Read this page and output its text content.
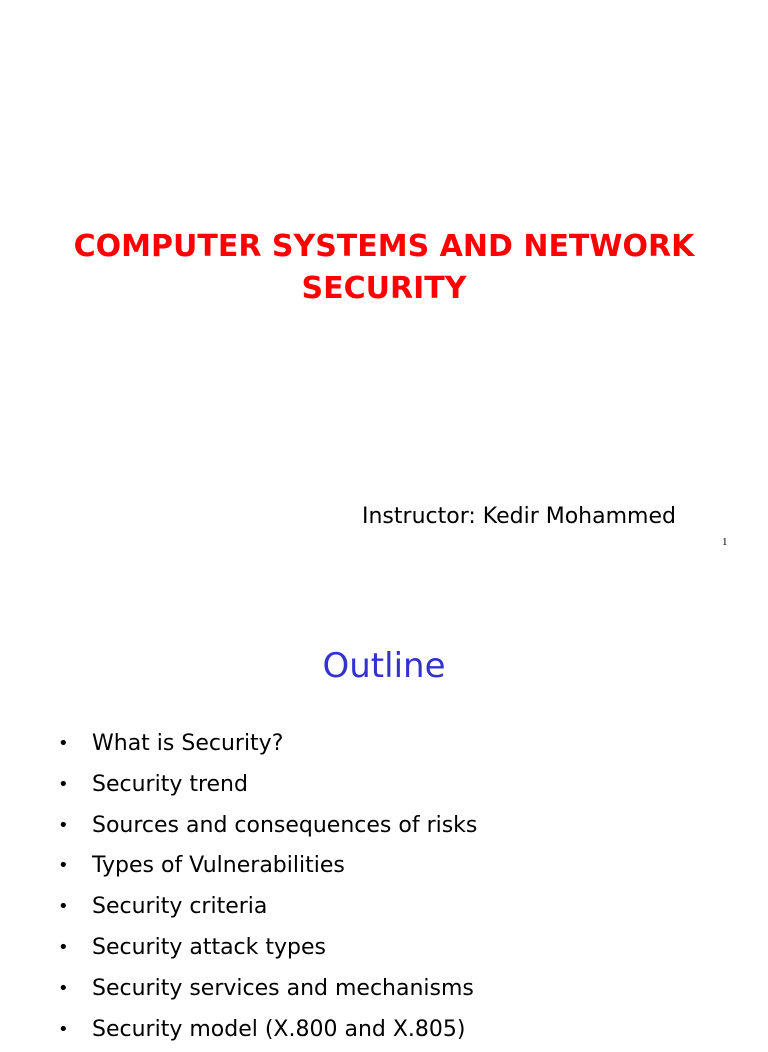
COMPUTER SYSTEMS AND NETWORK
SECURITY
Instructor: Kedir Mohammed
1
Outline
• What is Security?
• Security trend
• Sources and consequences of risks
• Types of Vulnerabilities
• Security criteria
• Security attack types
• Security services and mechanisms
• Security model (X.800 and X.805)
